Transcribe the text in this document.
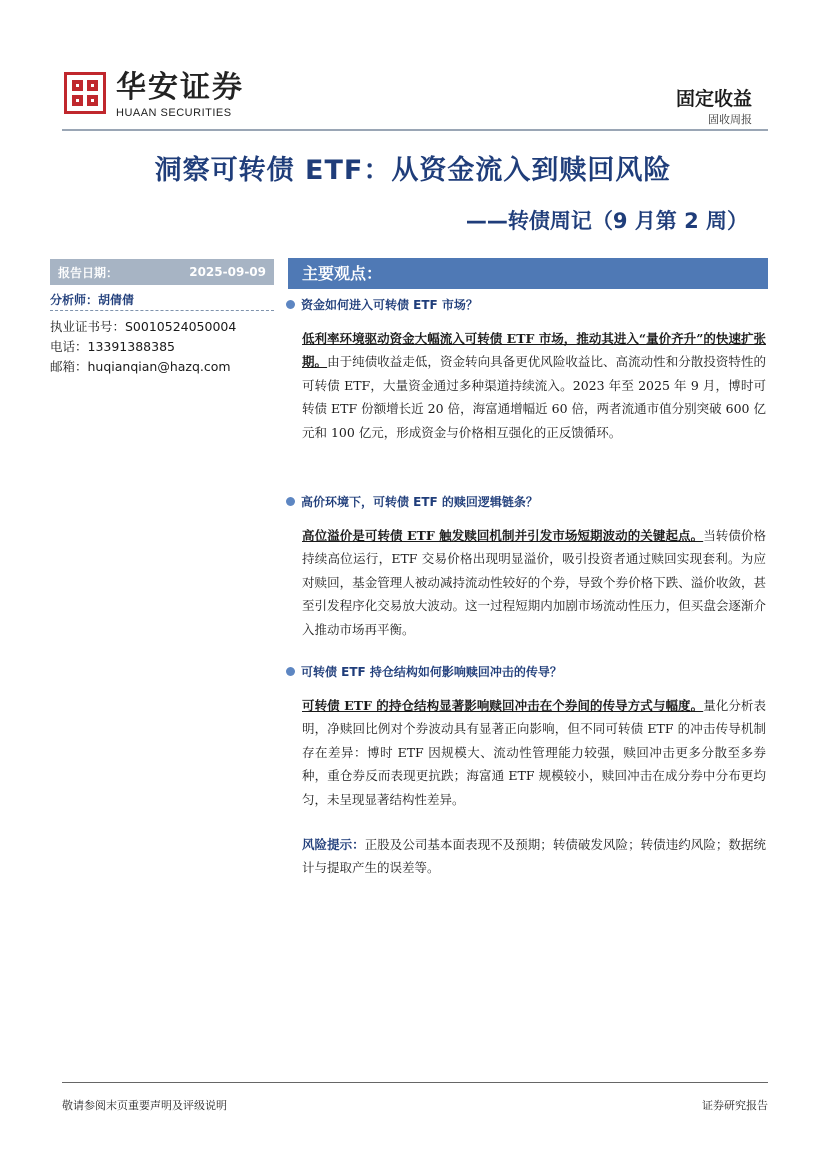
华安证券
HUAAN SECURITIES
固定收益
固收周报
洞察可转债 ETF：从资金流入到赎回风险
——转债周记（9 月第 2 周）
报告日期：	2025-09-09
分析师：胡倩倩
执业证书号：S0010524050004
电话：13391388385
邮箱：huqianqian@hazq.com
主要观点：
资金如何进入可转债 ETF 市场？
低利率环境驱动资金大幅流入可转债 ETF 市场，推动其进入“量价齐升”的快速扩张期。由于纯债收益走低，资金转向具备更优风险收益比、高流动性和分散投资特性的可转债 ETF，大量资金通过多种渠道持续流入。2023 年至 2025 年 9 月，博时可转债 ETF 份额增长近 20 倍，海富通增幅近 60 倍，两者流通市值分别突破 600 亿元和 100 亿元，形成资金与价格相互强化的正反馈循环。
高价环境下，可转债 ETF 的赎回逻辑链条？
高位溢价是可转债 ETF 触发赎回机制并引发市场短期波动的关键起点。当转债价格持续高位运行，ETF 交易价格出现明显溢价，吸引投资者通过赎回实现套利。为应对赎回，基金管理人被动减持流动性较好的个券，导致个券价格下跌、溢价收敛，甚至引发程序化交易放大波动。这一过程短期内加剧市场流动性压力，但买盘会逐渐介入推动市场再平衡。
可转债 ETF 持仓结构如何影响赎回冲击的传导？
可转债 ETF 的持仓结构显著影响赎回冲击在个券间的传导方式与幅度。量化分析表明，净赎回比例对个券波动具有显著正向影响，但不同可转债 ETF 的冲击传导机制存在差异：博时 ETF 因规模大、流动性管理能力较强，赎回冲击更多分散至多券种，重仓券反而表现更抗跌；海富通 ETF 规模较小，赎回冲击在成分券中分布更均匀，未呈现显著结构性差异。
风险提示：正股及公司基本面表现不及预期；转债破发风险；转债违约风险；数据统计与提取产生的误差等。
敬请参阅末页重要声明及评级说明	证券研究报告
